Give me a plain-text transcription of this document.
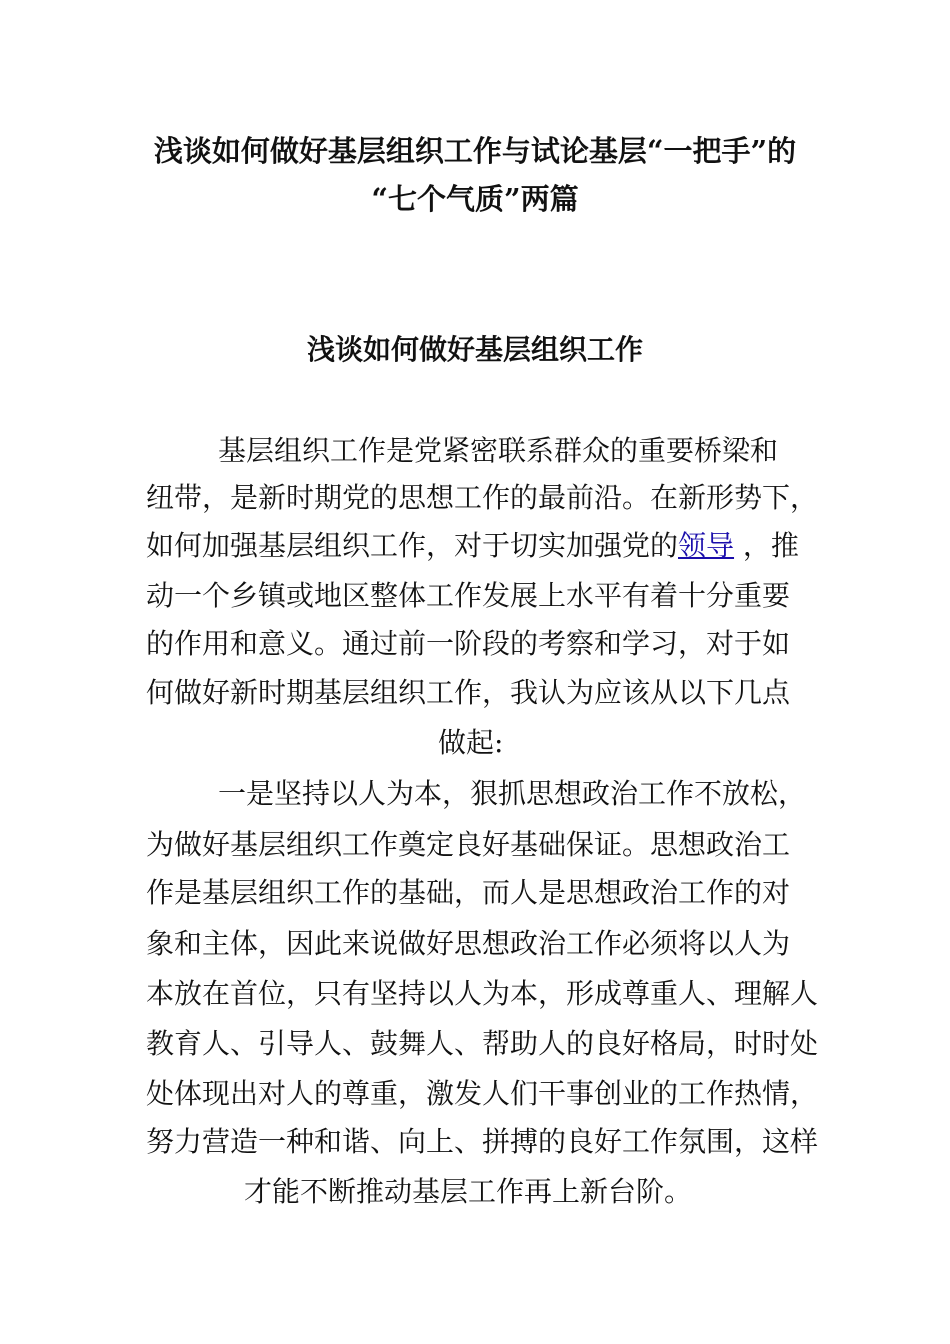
浅谈如何做好基层组织工作与试论基层“一把手”的
“七个气质”两篇
浅谈如何做好基层组织工作
基层组织工作是党紧密联系群众的重要桥梁和
纽带，是新时期党的思想工作的最前沿。在新形势下，
如何加强基层组织工作，对于切实加强党的领导 ，推
动一个乡镇或地区整体工作发展上水平有着十分重要
的作用和意义。通过前一阶段的考察和学习，对于如
何做好新时期基层组织工作，我认为应该从以下几点
做起:
一是坚持以人为本，狠抓思想政治工作不放松，
为做好基层组织工作奠定良好基础保证。思想政治工
作是基层组织工作的基础，而人是思想政治工作的对
象和主体，因此来说做好思想政治工作必须将以人为
本放在首位，只有坚持以人为本，形成尊重人、理解人
教育人、引导人、鼓舞人、帮助人的良好格局，时时处
处体现出对人的尊重，激发人们干事创业的工作热情，
努力营造一种和谐、向上、拼搏的良好工作氛围，这样
才能不断推动基层工作再上新台阶。
